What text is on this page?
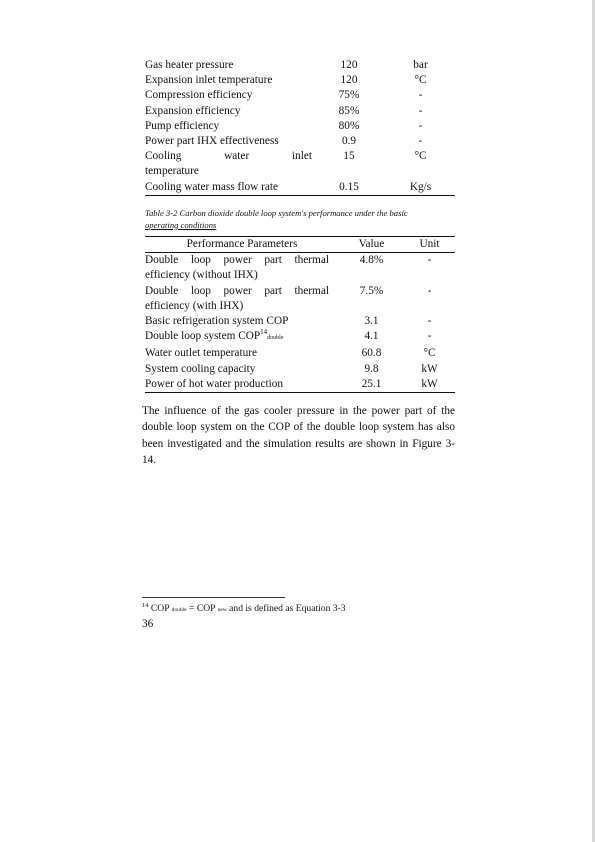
Gas heater pressure	120	bar
Expansion inlet temperature	120	°C
Compression efficiency	75%	-
Expansion efficiency	85%	-
Pump efficiency	80%	-
Power part IHX effectiveness	0.9	-

Cooling water inlet
temperature	15	°C
Cooling water mass flow rate	0.15	Kg/s
Table 3-2 Carbon dioxide double loop system's performance under the basic
operating conditions
Performance Parameters	Value	Unit

Double loop power part thermal
efficiency (without IHX)	4.8%	-

Double loop power part thermal
efficiency (with IHX)	7.5%	-
Basic refrigeration system COP	3.1	-
Double loop system COP$^{14}$double	4.1	-
Water outlet temperature	60.8	°C
System cooling capacity	9.8	kW
Power of hot water production	25.1	kW

The influence of the gas cooler pressure in the power part of the double loop system on the COP of the double loop system has also been investigated and the simulation results are shown in Figure 3-14.

$^{14}$ COP double = COP new and is defined as Equation 3-3
36
